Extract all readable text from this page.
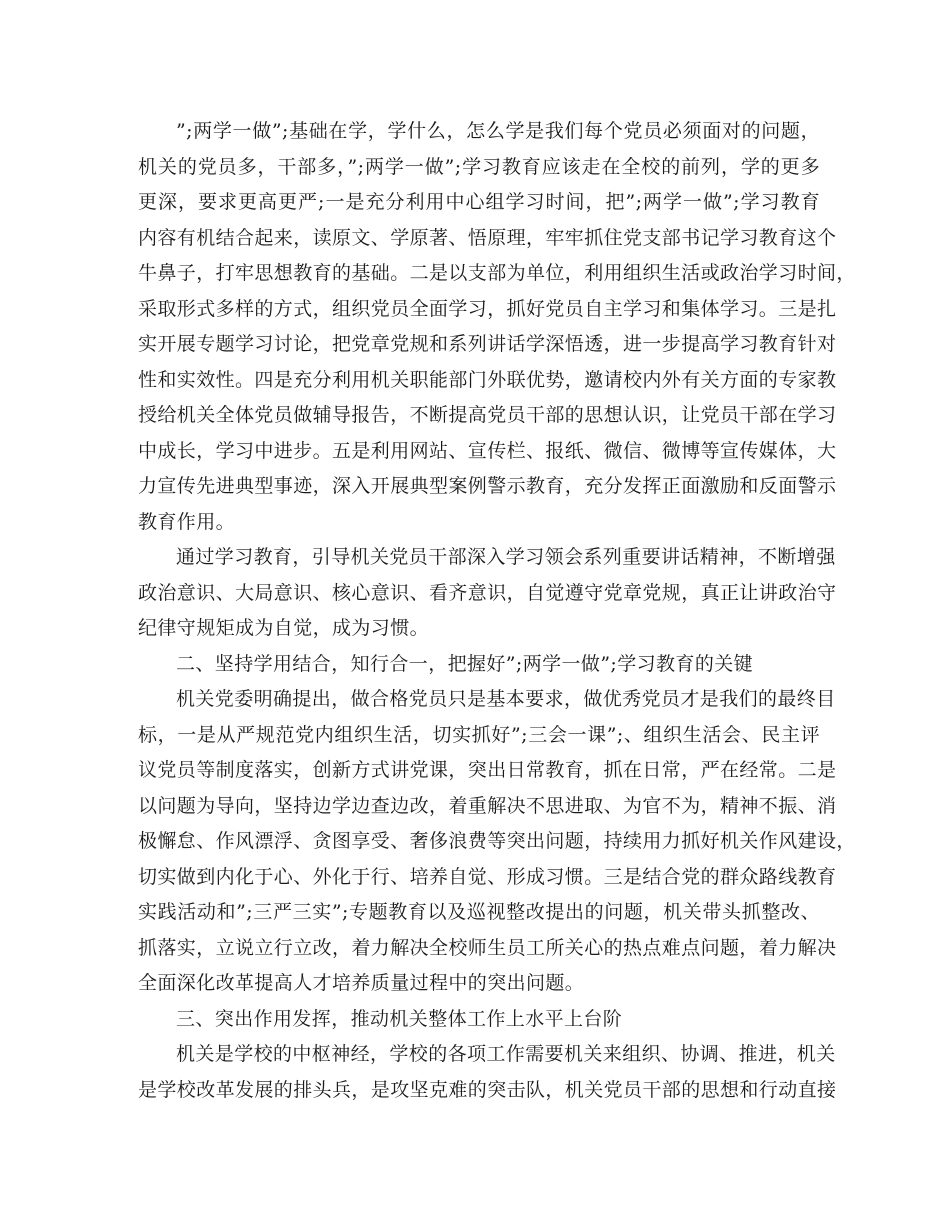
”;两学一做”;基础在学，学什么，怎么学是我们每个党员必须面对的问题，
机关的党员多，干部多，”;两学一做”;学习教育应该走在全校的前列，学的更多
更深，要求更高更严;一是充分利用中心组学习时间，把”;两学一做”;学习教育
内容有机结合起来，读原文、学原著、悟原理，牢牢抓住党支部书记学习教育这个
牛鼻子，打牢思想教育的基础。二是以支部为单位，利用组织生活或政治学习时间，
采取形式多样的方式，组织党员全面学习，抓好党员自主学习和集体学习。三是扎
实开展专题学习讨论，把党章党规和系列讲话学深悟透，进一步提高学习教育针对
性和实效性。四是充分利用机关职能部门外联优势，邀请校内外有关方面的专家教
授给机关全体党员做辅导报告，不断提高党员干部的思想认识，让党员干部在学习
中成长，学习中进步。五是利用网站、宣传栏、报纸、微信、微博等宣传媒体，大
力宣传先进典型事迹，深入开展典型案例警示教育，充分发挥正面激励和反面警示
教育作用。
通过学习教育，引导机关党员干部深入学习领会系列重要讲话精神，不断增强
政治意识、大局意识、核心意识、看齐意识，自觉遵守党章党规，真正让讲政治守
纪律守规矩成为自觉，成为习惯。
二、坚持学用结合，知行合一，把握好”;两学一做”;学习教育的关键
机关党委明确提出，做合格党员只是基本要求，做优秀党员才是我们的最终目
标，一是从严规范党内组织生活，切实抓好”;三会一课”;、组织生活会、民主评
议党员等制度落实，创新方式讲党课，突出日常教育，抓在日常，严在经常。二是
以问题为导向，坚持边学边查边改，着重解决不思进取、为官不为，精神不振、消
极懈怠、作风漂浮、贪图享受、奢侈浪费等突出问题，持续用力抓好机关作风建设，
切实做到内化于心、外化于行、培养自觉、形成习惯。三是结合党的群众路线教育
实践活动和”;三严三实”;专题教育以及巡视整改提出的问题，机关带头抓整改、
抓落实，立说立行立改，着力解决全校师生员工所关心的热点难点问题，着力解决
全面深化改革提高人才培养质量过程中的突出问题。
三、突出作用发挥，推动机关整体工作上水平上台阶
机关是学校的中枢神经，学校的各项工作需要机关来组织、协调、推进，机关
是学校改革发展的排头兵，是攻坚克难的突击队，机关党员干部的思想和行动直接
